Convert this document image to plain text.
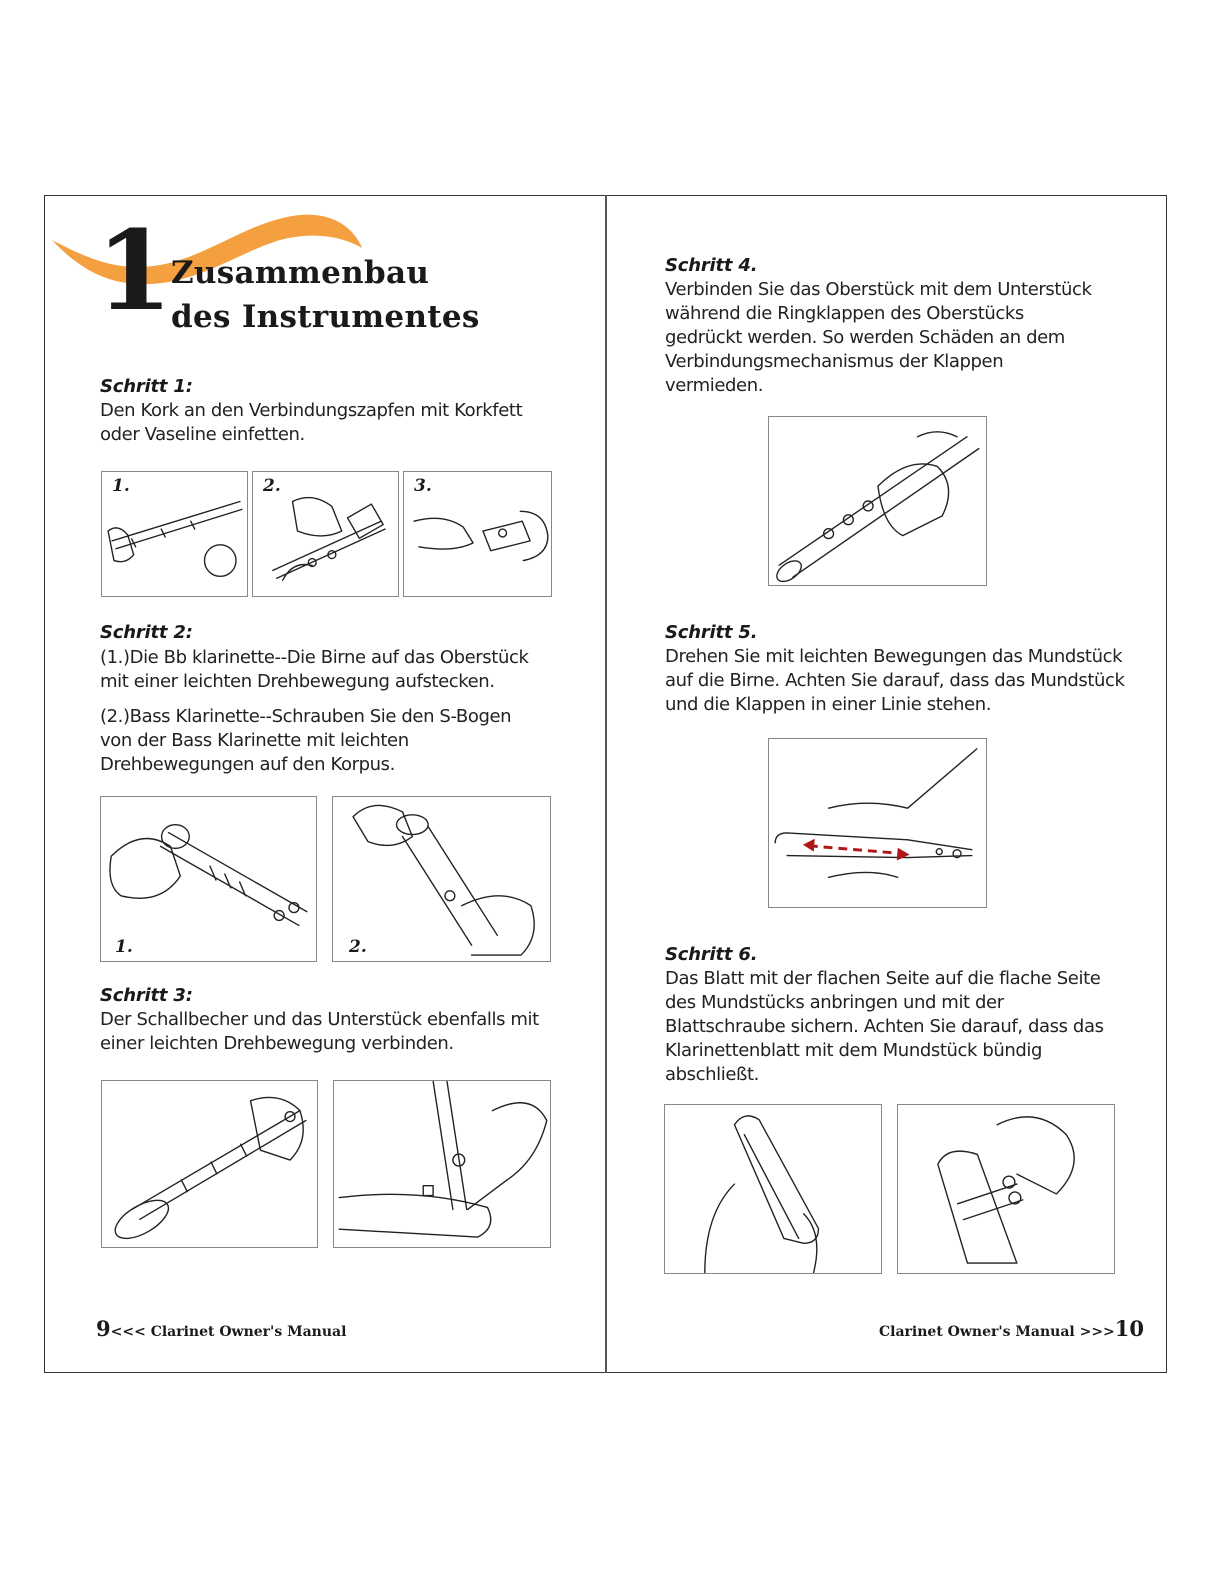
1
Zusammenbau
des Instrumentes
Schritt 1:
Den Kork an den Verbindungszapfen mit Korkfett oder Vaseline einfetten.
1.	2.	3.
Schritt 2:
(1.)Die Bb klarinette--Die Birne auf das Oberstück mit einer leichten Drehbewegung aufstecken.
(2.)Bass Klarinette--Schrauben Sie den S-Bogen von der Bass Klarinette mit leichten Drehbewegungen auf den Korpus.
1.	2.
Schritt 3:
Der Schallbecher und das Unterstück ebenfalls mit einer leichten Drehbewegung verbinden.
9<<< Clarinet Owner's Manual
Schritt 4.
Verbinden Sie das Oberstück mit dem Unterstück während die Ringklappen des Oberstücks gedrückt werden. So werden Schäden an dem Verbindungsmechanismus der Klappen vermieden.
Schritt 5.
Drehen Sie mit leichten Bewegungen das Mundstück auf die Birne. Achten Sie darauf, dass das Mundstück und die Klappen in einer Linie stehen.
Schritt 6.
Das Blatt mit der flachen Seite auf die flache Seite des Mundstücks anbringen und mit der Blattschraube sichern. Achten Sie darauf, dass das Klarinettenblatt mit dem Mundstück bündig abschließt.
Clarinet Owner's Manual >>>10
